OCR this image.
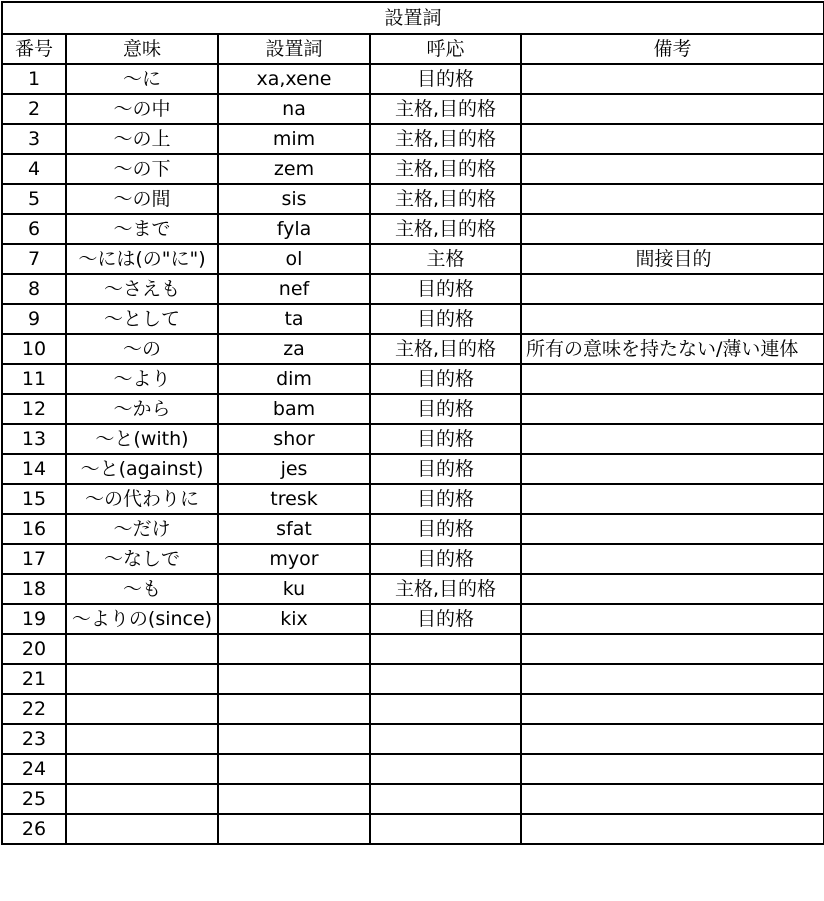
設置詞				
番号	意味	設置詞	呼応	備考
1	～に	xa,xene	目的格	
2	～の中	na	主格,目的格	
3	～の上	mim	主格,目的格	
4	～の下	zem	主格,目的格	
5	～の間	sis	主格,目的格	
6	～まで	fyla	主格,目的格	
7	～には(の"に")	ol	主格	間接目的
8	～さえも	nef	目的格	
9	～として	ta	目的格	
10	～の	za	主格,目的格	所有の意味を持たない/薄い連体
11	～より	dim	目的格	
12	～から	bam	目的格	
13	～と(with)	shor	目的格	
14	～と(against)	jes	目的格	
15	～の代わりに	tresk	目的格	
16	～だけ	sfat	目的格	
17	～なしで	myor	目的格	
18	～も	ku	主格,目的格	
19	～よりの(since)	kix	目的格	
20				
21				
22				
23				
24				
25				
26				
